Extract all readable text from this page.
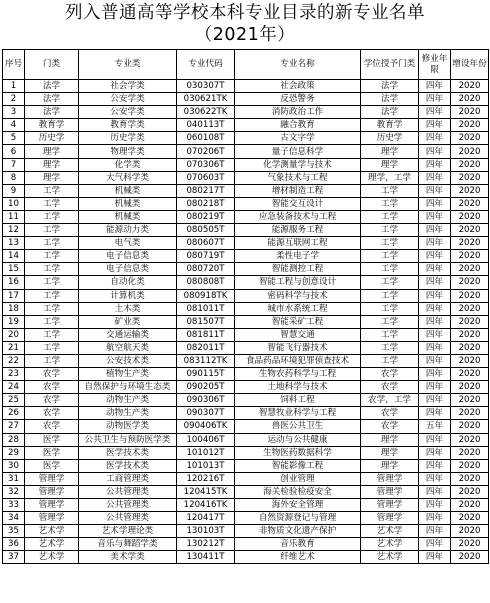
列入普通高等学校本科专业目录的新专业名单
（2021年）
序号	门类	专业类	专业代码	专业名称	学位授予门类	修业年限	增设年份
1	法学	社会学类	030307T	社会政策	法学	四年	2020
2	法学	公安学类	030621TK	反恐警务	法学	四年	2020
3	法学	公安学类	030622TK	消防政治工作	法学	四年	2020
4	教育学	教育学类	040113T	融合教育	教育学	四年	2020
5	历史学	历史学类	060108T	古文字学	历史学	四年	2020
6	理学	物理学类	070206T	量子信息科学	理学	四年	2020
7	理学	化学类	070306T	化学测量学与技术	理学	四年	2020
8	理学	大气科学类	070603T	气象技术与工程	理学，工学	四年	2020
9	工学	机械类	080217T	增材制造工程	工学	四年	2020
10	工学	机械类	080218T	智能交互设计	工学	四年	2020
11	工学	机械类	080219T	应急装备技术与工程	工学	四年	2020
12	工学	能源动力类	080505T	能源服务工程	工学	四年	2020
13	工学	电气类	080607T	能源互联网工程	工学	四年	2020
14	工学	电子信息类	080719T	柔性电子学	工学	四年	2020
15	工学	电子信息类	080720T	智能测控工程	工学	四年	2020
16	工学	自动化类	080808T	智能工程与创意设计	工学	四年	2020
17	工学	计算机类	080918TK	密码科学与技术	工学	四年	2020
18	工学	土木类	081011T	城市水系统工程	工学	四年	2020
19	工学	矿业类	081507T	智能采矿工程	工学	四年	2020
20	工学	交通运输类	081811T	智慧交通	工学	四年	2020
21	工学	航空航天类	082011T	智能飞行器技术	工学	四年	2020
22	工学	公安技术类	083112TK	食品药品环境犯罪侦查技术	工学	四年	2020
23	农学	植物生产类	090115T	生物农药科学与工程	农学	四年	2020
24	农学	自然保护与环境生态类	090205T	土地科学与技术	农学	四年	2020
25	农学	动物生产类	090306T	饲料工程	农学，工学	四年	2020
26	农学	动物生产类	090307T	智慧牧业科学与工程	农学	四年	2020
27	农学	动物医学类	090406TK	兽医公共卫生	农学	五年	2020
28	医学	公共卫生与预防医学类	100406T	运动与公共健康	理学	四年	2020
29	医学	医学技术类	101012T	生物医药数据科学	理学	四年	2020
30	医学	医学技术类	101013T	智能影像工程	理学	四年	2020
31	管理学	工商管理类	120216T	创业管理	管理学	四年	2020
32	管理学	公共管理类	120415TK	海关检验检疫安全	管理学	四年	2020
33	管理学	公共管理类	120416TK	海外安全管理	管理学	四年	2020
34	管理学	公共管理类	120417T	自然资源登记与管理	管理学	四年	2020
35	艺术学	艺术学理论类	130103T	非物质文化遗产保护	艺术学	四年	2020
36	艺术学	音乐与舞蹈学类	130212T	音乐教育	艺术学	四年	2020
37	艺术学	美术学类	130411T	纤维艺术	艺术学	四年	2020
